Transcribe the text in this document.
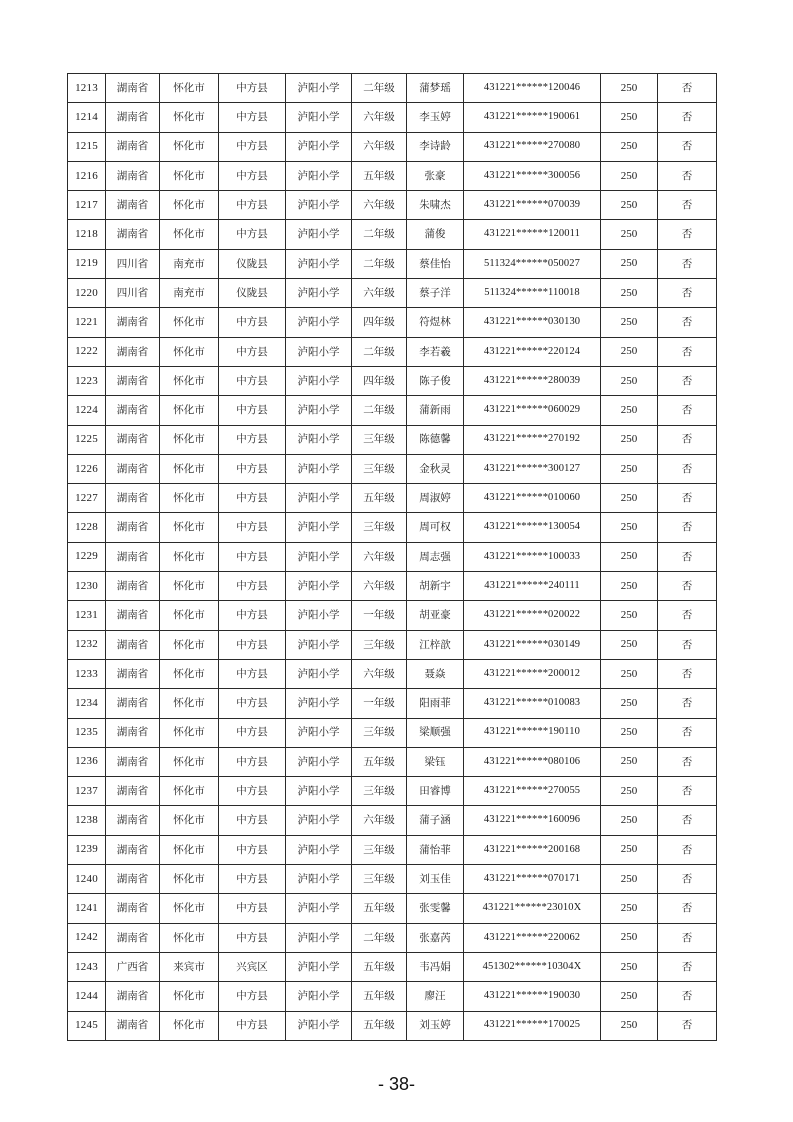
1213	湖南省	怀化市	中方县	泸阳小学	二年级	蒲梦瑶	431221******120046	250	否
1214	湖南省	怀化市	中方县	泸阳小学	六年级	李玉婷	431221******190061	250	否
1215	湖南省	怀化市	中方县	泸阳小学	六年级	李诗龄	431221******270080	250	否
1216	湖南省	怀化市	中方县	泸阳小学	五年级	张豪	431221******300056	250	否
1217	湖南省	怀化市	中方县	泸阳小学	六年级	朱啸杰	431221******070039	250	否
1218	湖南省	怀化市	中方县	泸阳小学	二年级	蒲俊	431221******120011	250	否
1219	四川省	南充市	仪陇县	泸阳小学	二年级	蔡佳怡	511324******050027	250	否
1220	四川省	南充市	仪陇县	泸阳小学	六年级	蔡子洋	511324******110018	250	否
1221	湖南省	怀化市	中方县	泸阳小学	四年级	符煜林	431221******030130	250	否
1222	湖南省	怀化市	中方县	泸阳小学	二年级	李若羲	431221******220124	250	否
1223	湖南省	怀化市	中方县	泸阳小学	四年级	陈子俊	431221******280039	250	否
1224	湖南省	怀化市	中方县	泸阳小学	二年级	蒲新雨	431221******060029	250	否
1225	湖南省	怀化市	中方县	泸阳小学	三年级	陈德馨	431221******270192	250	否
1226	湖南省	怀化市	中方县	泸阳小学	三年级	金秋灵	431221******300127	250	否
1227	湖南省	怀化市	中方县	泸阳小学	五年级	周淑婷	431221******010060	250	否
1228	湖南省	怀化市	中方县	泸阳小学	三年级	周可权	431221******130054	250	否
1229	湖南省	怀化市	中方县	泸阳小学	六年级	周志强	431221******100033	250	否
1230	湖南省	怀化市	中方县	泸阳小学	六年级	胡新宇	431221******240111	250	否
1231	湖南省	怀化市	中方县	泸阳小学	一年级	胡亚豪	431221******020022	250	否
1232	湖南省	怀化市	中方县	泸阳小学	三年级	江梓歆	431221******030149	250	否
1233	湖南省	怀化市	中方县	泸阳小学	六年级	聂焱	431221******200012	250	否
1234	湖南省	怀化市	中方县	泸阳小学	一年级	阳雨菲	431221******010083	250	否
1235	湖南省	怀化市	中方县	泸阳小学	三年级	梁顺强	431221******190110	250	否
1236	湖南省	怀化市	中方县	泸阳小学	五年级	梁钰	431221******080106	250	否
1237	湖南省	怀化市	中方县	泸阳小学	三年级	田睿博	431221******270055	250	否
1238	湖南省	怀化市	中方县	泸阳小学	六年级	蒲子涵	431221******160096	250	否
1239	湖南省	怀化市	中方县	泸阳小学	三年级	蒲怡菲	431221******200168	250	否
1240	湖南省	怀化市	中方县	泸阳小学	三年级	刘玉佳	431221******070171	250	否
1241	湖南省	怀化市	中方县	泸阳小学	五年级	张雯馨	431221******23010X	250	否
1242	湖南省	怀化市	中方县	泸阳小学	二年级	张嘉芮	431221******220062	250	否
1243	广西省	来宾市	兴宾区	泸阳小学	五年级	韦冯娟	451302******10304X	250	否
1244	湖南省	怀化市	中方县	泸阳小学	五年级	廖汪	431221******190030	250	否
1245	湖南省	怀化市	中方县	泸阳小学	五年级	刘玉婷	431221******170025	250	否
- 38-
